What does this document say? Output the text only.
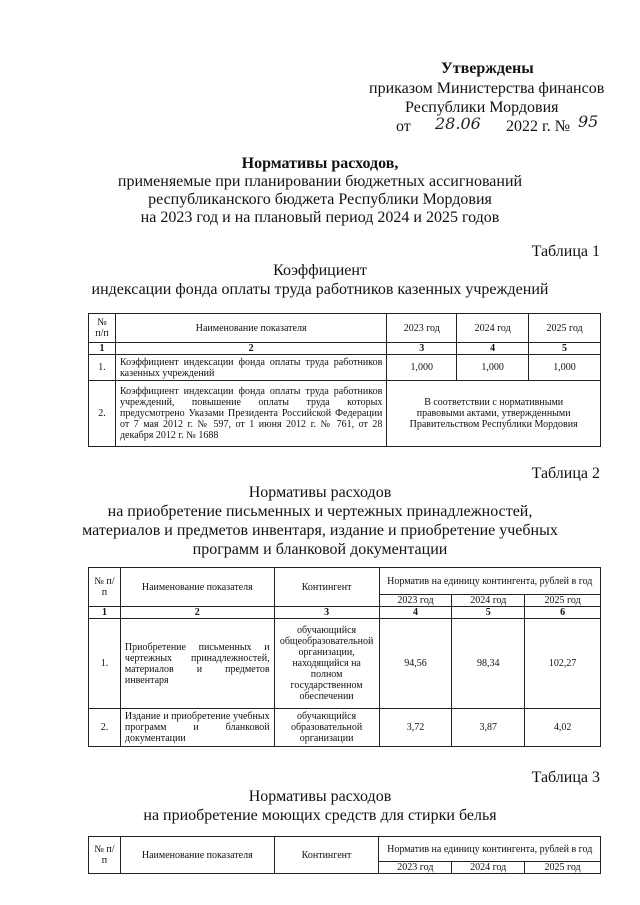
Утверждены
приказом Министерства финансов
Республики Мордовия
от 28.06 2022 г. № 95
Нормативы расходов,
применяемые при планировании бюджетных ассигнований
республиканского бюджета Республики Мордовия
на 2023 год и на плановый период 2024 и 2025 годов
Таблица 1
Коэффициент
индексации фонда оплаты труда работников казенных учреждений
№ п/п	Наименование показателя	2023 год	2024 год	2025 год
1	2	3	4	5
1.	Коэффициент индексации фонда оплаты труда работников казенных учреждений	1,000	1,000	1,000
2.	Коэффициент индексации фонда оплаты труда работников учреждений, повышение оплаты труда которых предусмотрено Указами Президента Российской Федерации от 7 мая 2012 г. № 597, от 1 июня 2012 г. № 761, от 28 декабря 2012 г. № 1688	В соответствии с нормативными правовыми актами, утвержденными Правительством Республики Мордовия		
Таблица 2
Нормативы расходов
на приобретение письменных и чертежных принадлежностей,
материалов и предметов инвентаря, издание и приобретение учебных
программ и бланковой документации
№ п/п	Наименование показателя	Контингент	Норматив на единицу контингента, рублей в год		
			2023 год	2024 год	2025 год
1	2	3	4	5	6
1.	Приобретение письменных и чертежных принадлежностей, материалов и предметов инвентаря	обучающийся общеобразовательной организации, находящийся на полном государственном обеспечении	94,56	98,34	102,27
2.	Издание и приобретение учебных программ и бланковой документации	обучающийся образовательной организации	3,72	3,87	4,02
Таблица 3
Нормативы расходов
на приобретение моющих средств для стирки белья
№ п/п	Наименование показателя	Контингент	Норматив на единицу контингента, рублей в год		
			2023 год	2024 год	2025 год
